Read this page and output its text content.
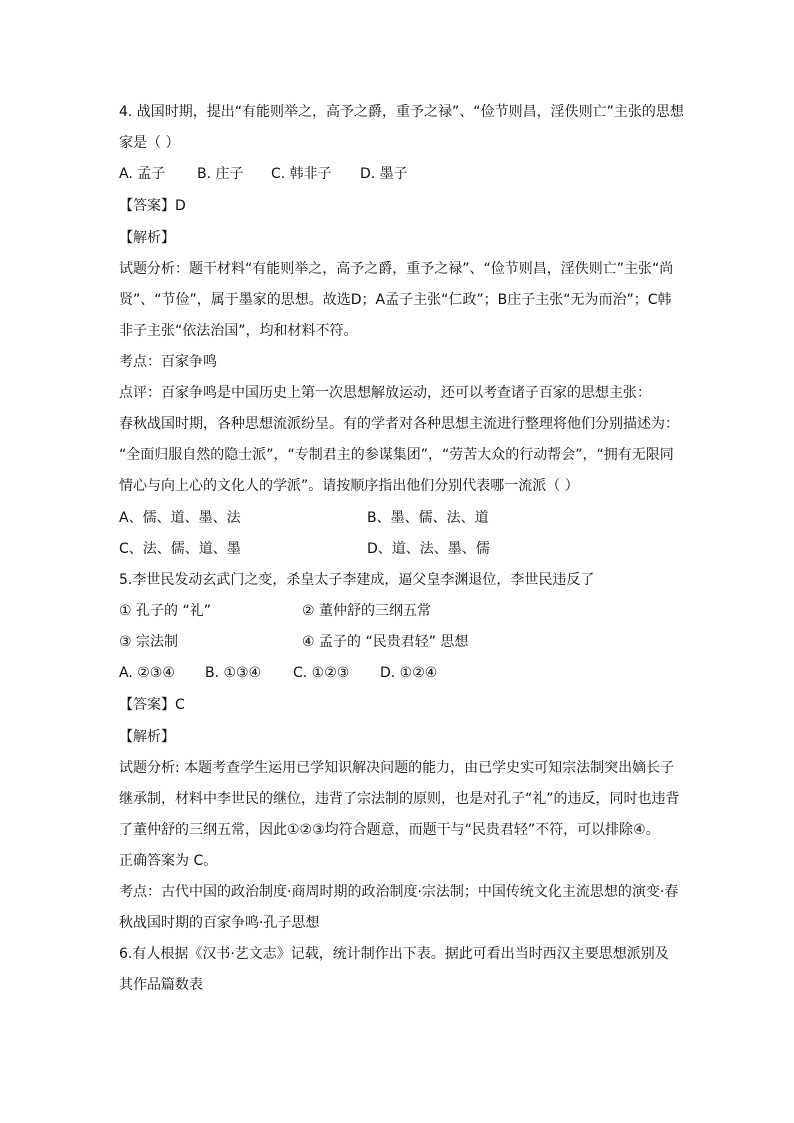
4. 战国时期，提出“有能则举之，高予之爵，重予之禄”、“俭节则昌，淫佚则亡”主张的思想
家是（ ）
A. 孟子 B. 庄子 C. 韩非子 D. 墨子
【答案】D
【解析】
试题分析：题干材料“有能则举之，高予之爵，重予之禄”、“俭节则昌，淫佚则亡”主张“尚
贤”、“节俭”，属于墨家的思想。故选D；A孟子主张“仁政”；B庄子主张“无为而治”；C韩
非子主张“依法治国”，均和材料不符。
考点：百家争鸣
点评：百家争鸣是中国历史上第一次思想解放运动，还可以考查诸子百家的思想主张：
春秋战国时期，各种思想流派纷呈。有的学者对各种思想主流进行整理将他们分别描述为：
“全面归服自然的隐士派”，“专制君主的参谋集团”，“劳苦大众的行动帮会”，“拥有无限同
情心与向上心的文化人的学派”。请按顺序指出他们分别代表哪一流派（ ）
A、儒、道、墨、法	B、墨、儒、法、道
C、法、儒、道、墨	D、道、法、墨、儒
5.李世民发动玄武门之变，杀皇太子李建成，逼父皇李渊退位，李世民违反了
① 孔子的 “礼”	② 董仲舒的三纲五常
③ 宗法制	④ 孟子的 “民贵君轻” 思想
A. ②③④ B. ①③④ C. ①②③ D. ①②④
【答案】C
【解析】
试题分析: 本题考查学生运用已学知识解决问题的能力，由已学史实可知宗法制突出嫡长子
继承制，材料中李世民的继位，违背了宗法制的原则，也是对孔子“礼”的违反，同时也违背
了董仲舒的三纲五常，因此①②③均符合题意，而题干与“民贵君轻”不符，可以排除④。
正确答案为 C。
考点：古代中国的政治制度·商周时期的政治制度·宗法制；中国传统文化主流思想的演变·春
秋战国时期的百家争鸣·孔子思想
6.有人根据《汉书·艺文志》记载，统计制作出下表。据此可看出当时西汉主要思想派别及
其作品篇数表
